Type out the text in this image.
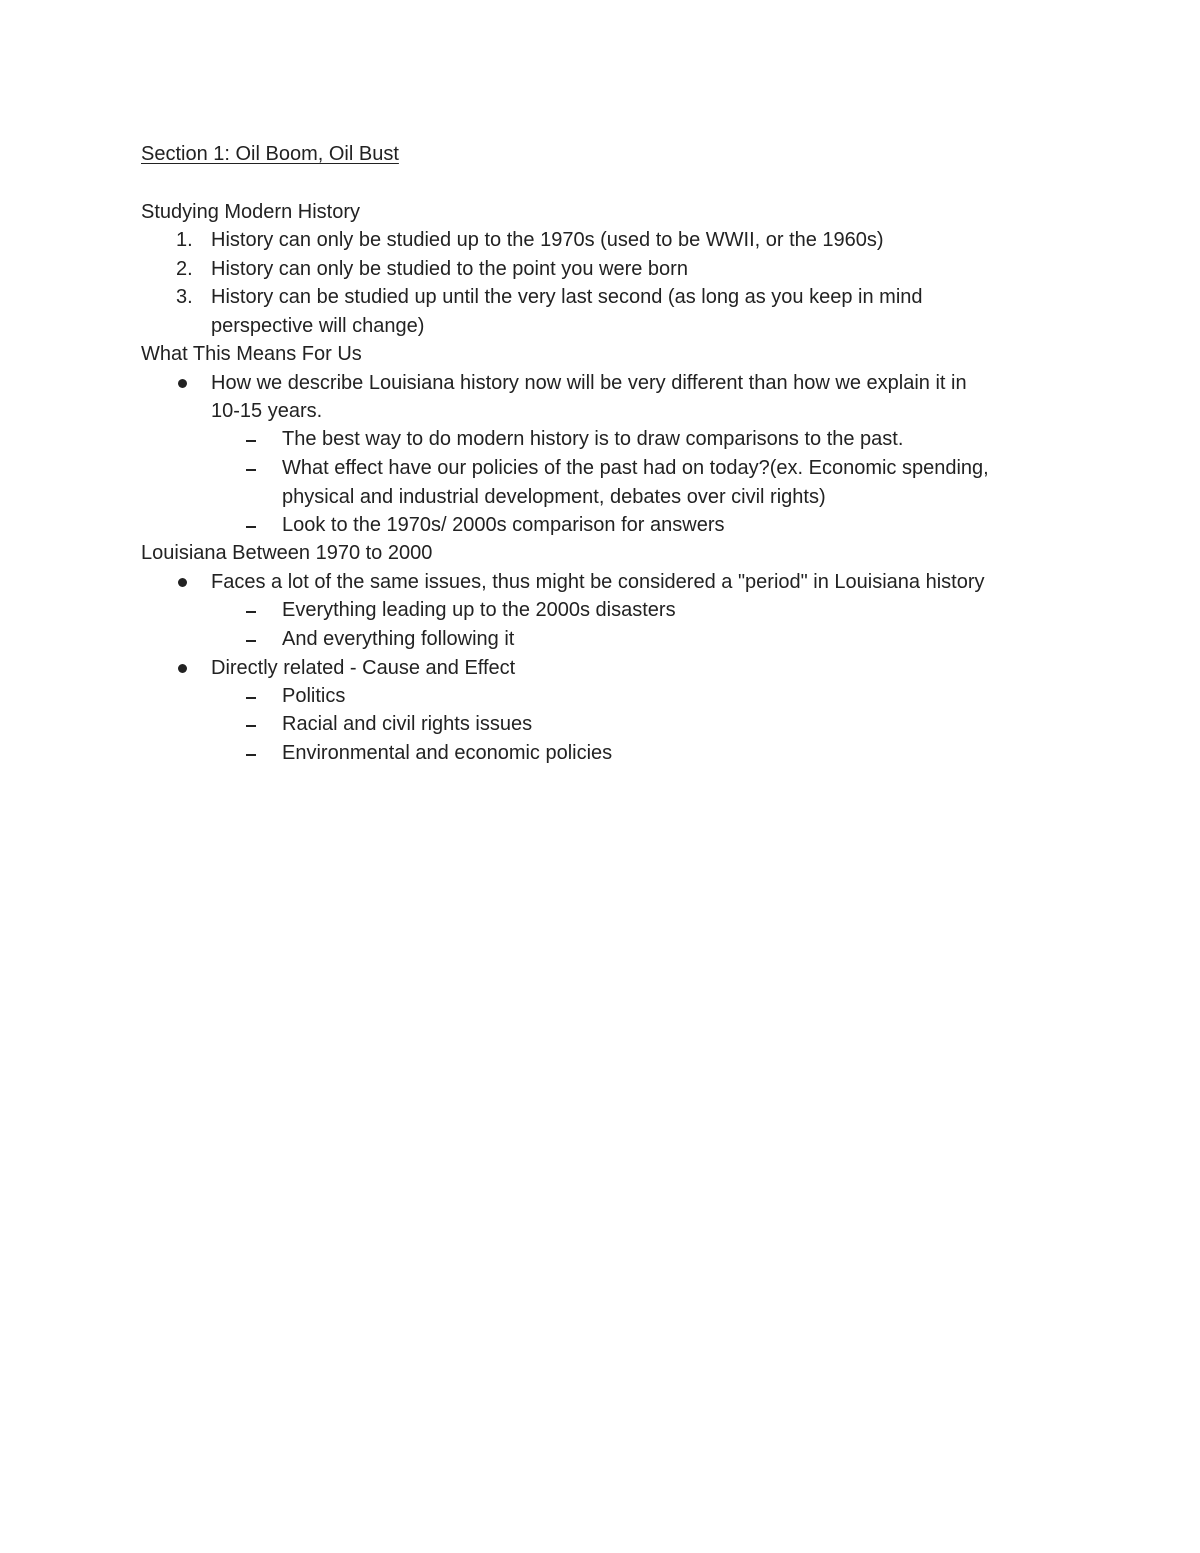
Section 1: Oil Boom, Oil Bust
Studying Modern History
1. History can only be studied up to the 1970s (used to be WWII, or the 1960s)
2. History can only be studied to the point you were born
3. History can be studied up until the very last second (as long as you keep in mind
perspective will change)
What This Means For Us
How we describe Louisiana history now will be very different than how we explain it in
10-15 years.
The best way to do modern history is to draw comparisons to the past.
What effect have our policies of the past had on today?(ex. Economic spending,
physical and industrial development, debates over civil rights)
Look to the 1970s/ 2000s comparison for answers
Louisiana Between 1970 to 2000
Faces a lot of the same issues, thus might be considered a "period" in Louisiana history
Everything leading up to the 2000s disasters
And everything following it
Directly related - Cause and Effect
Politics
Racial and civil rights issues
Environmental and economic policies
